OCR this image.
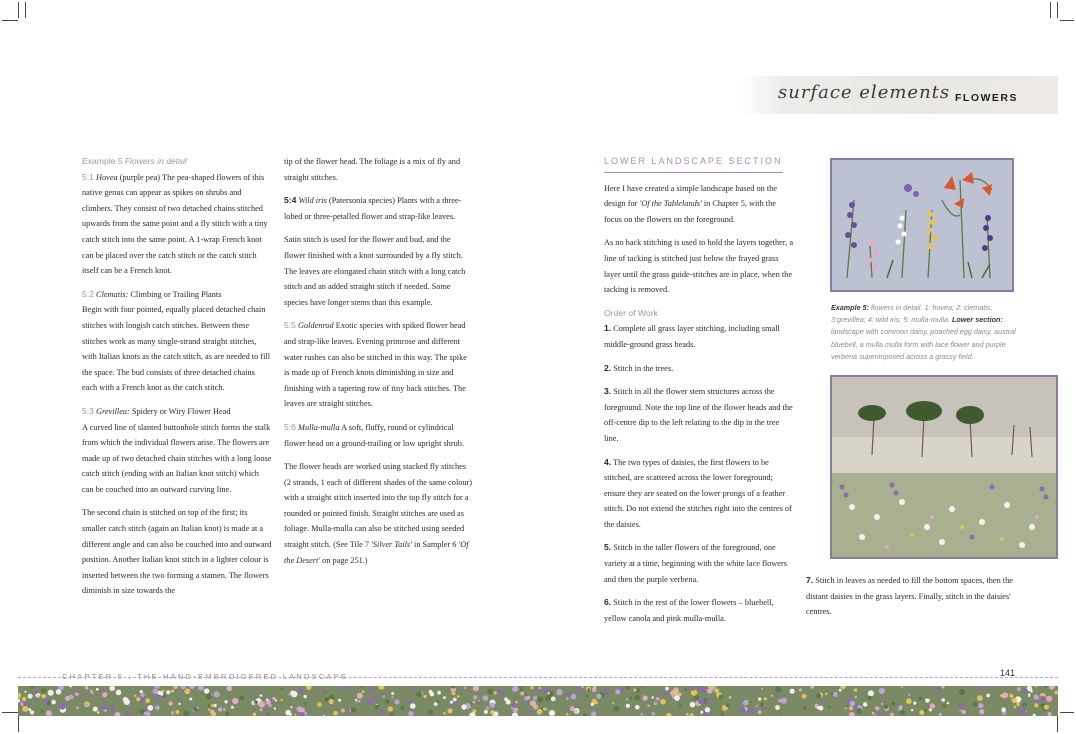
surface elements FLOWERS

Example 5 Flowers in detail

5:1 Hovea (purple pea) The pea-shaped flowers of this native genus can appear as spikes on shrubs and climbers. They consist of two detached chains stitched upwards from the same point and a fly stitch with a tiny catch stitch into the same point. A 1-wrap French knot can be placed over the catch stitch or the catch stitch itself can be a French knot.

5:2 Clematis: Climbing or Trailing Plants

Begin with four pointed, equally placed detached chain stitches with longish catch stitches. Between these stitches work as many single-strand straight stitches, with Italian knots as the catch stitch, as are needed to fill the space. The bud consists of three detached chains each with a French knot as the catch stitch.

5:3 Grevillea: Spidery or Wiry Flower Head

A curved line of slanted buttonhole stitch forms the stalk from which the individual flowers arise. The flowers are made up of two detached chain stitches with a long loose catch stitch (ending with an Italian knot stitch) which can be couched into an outward curving line.

The second chain is stitched on top of the first; its smaller catch stitch (again an Italian knot) is made at a different angle and can also be couched into and outward position. Another Italian knot stitch in a lighter colour is inserted between the two forming a stamen. The flowers diminish in size towards the

tip of the flower head. The foliage is a mix of fly and straight stitches.

5:4 Wild iris (Patersonia species) Plants with a three-lobed or three-petalled flower and strap-like leaves.

Satin stitch is used for the flower and bud, and the flower finished with a knot surrounded by a fly stitch. The leaves are elongated chain stitch with a long catch stitch and an added straight stitch if needed. Some species have longer stems than this example.

5:5 Goldenrod Exotic species with spiked flower head and strap-like leaves. Evening primrose and different water rushes can also be stitched in this way. The spike is made up of French knots diminishing in size and finishing with a tapering row of tiny back stitches. The leaves are straight stitches.

5:6 Mulla-mulla A soft, fluffy, round or cylindrical flower head on a ground-trailing or low upright shrub.

The flower heads are worked using stacked fly stitches (2 strands, 1 each of different shades of the same colour) with a straight stitch inserted into the top fly stitch for a rounded or pointed finish. Straight stitches are used as foliage. Mulla-mulla can also be stitched using seeded straight stitch. (See Tile 7 'Silver Tails' in Sampler 6 'Of the Desert' on page 251.)

LOWER LANDSCAPE SECTION

Here I have created a simple landscape based on the design for 'Of the Tablelands' in Chapter 5, with the focus on the flowers on the foreground.

As no back stitching is used to hold the layers together, a line of tacking is stitched just below the frayed grass layer until the grass guide-stitches are in place, when the tacking is removed.

Order of Work

1. Complete all grass layer stitching, including small middle-ground grass heads.

2. Stitch in the trees.

3. Stitch in all the flower stem structures across the foreground. Note the top line of the flower heads and the off-centre dip to the left relating to the dip in the tree line.

4. The two types of daisies, the first flowers to be stitched, are scattered across the lower foreground; ensure they are seated on the lower prongs of a feather stitch. Do not extend the stitches right into the centres of the daisies.

5. Stitch in the taller flowers of the foreground, one variety at a time, beginning with the white lace flowers and then the purple verbena.

6. Stitch in the rest of the lower flowers – bluebell, yellow canola and pink mulla-mulla.

Example 5: flowers in detail. 1: hovea; 2: clematis; 3:grevillea; 4: wild iris; 5: mulla-mulla. Lower section: landscape with common daisy, poached egg daisy, austral bluebell, a mulla mulla form with lace flower and purple verbena superimposed across a grassy field.

7. Stitch in leaves as needed to fill the bottom spaces, then the distant daisies in the grass layers. Finally, stitch in the daisies' centres.

CHAPTER 6 : THE HAND-EMBROIDERED LANDSCAPE	141
